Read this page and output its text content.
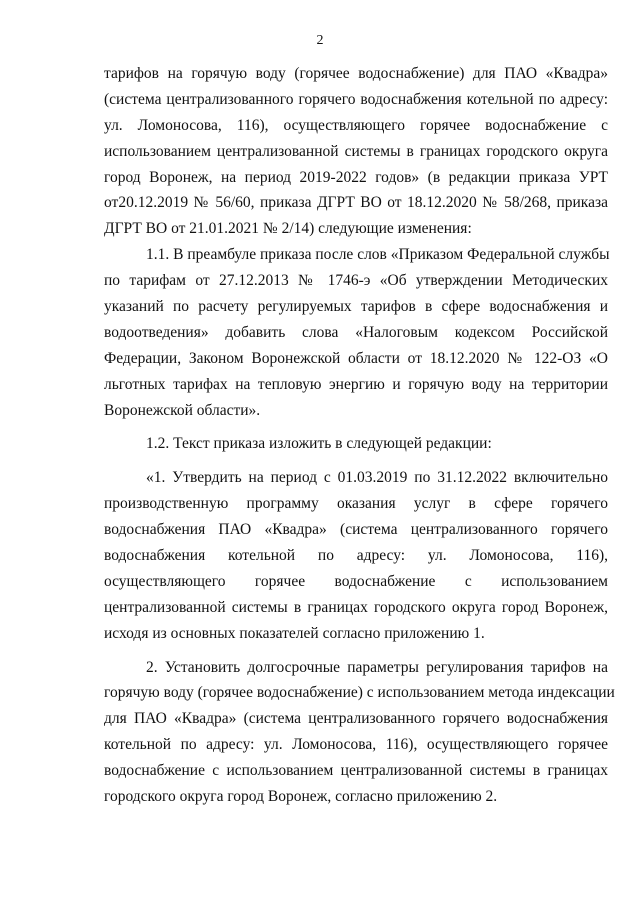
2
тарифов на горячую воду (горячее водоснабжение) для ПАО «Квадра»
(система централизованного горячего водоснабжения котельной по адресу:
ул. Ломоносова, 116), осуществляющего горячее водоснабжение с
использованием централизованной системы в границах городского округа
город Воронеж, на период 2019-2022 годов» (в редакции приказа УРТ
от20.12.2019 № 56/60, приказа ДГРТ ВО от 18.12.2020 № 58/268, приказа
ДГРТ ВО от 21.01.2021 № 2/14) следующие изменения:
1.1. В преамбуле приказа после слов «Приказом Федеральной службы
по тарифам от 27.12.2013 № 1746-э «Об утверждении Методических
указаний по расчету регулируемых тарифов в сфере водоснабжения и
водоотведения» добавить слова «Налоговым кодексом Российской
Федерации, Законом Воронежской области от 18.12.2020 № 122-ОЗ «О
льготных тарифах на тепловую энергию и горячую воду на территории
Воронежской области».
1.2. Текст приказа изложить в следующей редакции:
«1. Утвердить на период с 01.03.2019 по 31.12.2022 включительно
производственную программу оказания услуг в сфере горячего
водоснабжения ПАО «Квадра» (система централизованного горячего
водоснабжения котельной по адресу: ул. Ломоносова, 116),
осуществляющего горячее водоснабжение с использованием
централизованной системы в границах городского округа город Воронеж,
исходя из основных показателей согласно приложению 1.
2. Установить долгосрочные параметры регулирования тарифов на
горячую воду (горячее водоснабжение) с использованием метода индексации
для ПАО «Квадра» (система централизованного горячего водоснабжения
котельной по адресу: ул. Ломоносова, 116), осуществляющего горячее
водоснабжение с использованием централизованной системы в границах
городского округа город Воронеж, согласно приложению 2.
